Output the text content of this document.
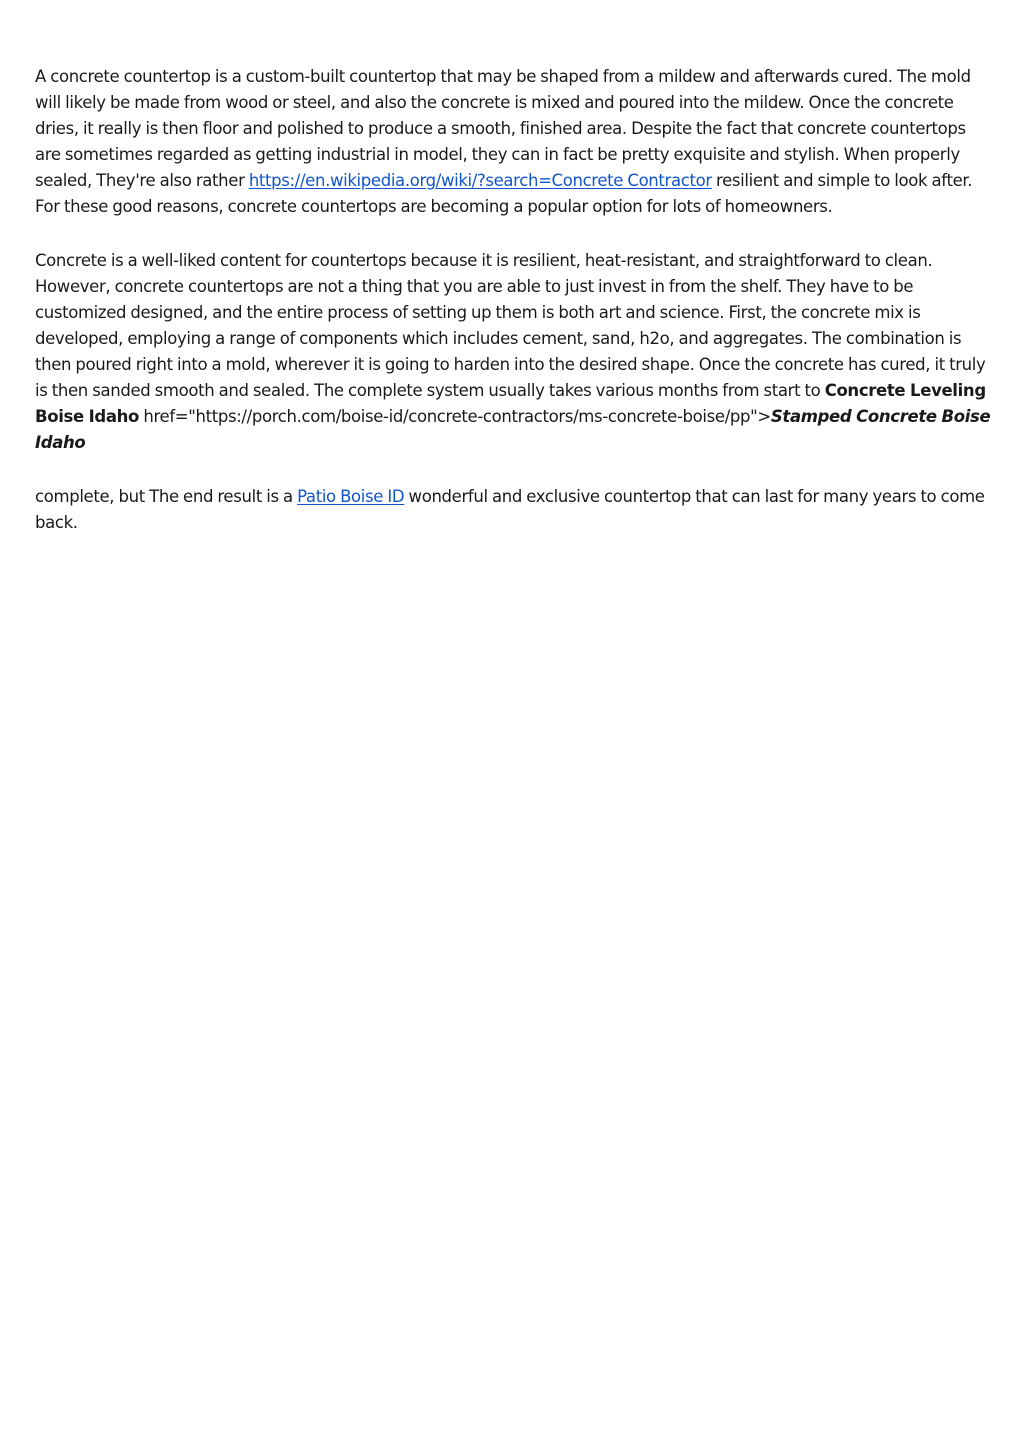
A concrete countertop is a custom-built countertop that may be shaped from a mildew and afterwards cured. The mold will likely be made from wood or steel, and also the concrete is mixed and poured into the mildew. Once the concrete dries, it really is then floor and polished to produce a smooth, finished area. Despite the fact that concrete countertops are sometimes regarded as getting industrial in model, they can in fact be pretty exquisite and stylish. When properly sealed, They're also rather https://en.wikipedia.org/wiki/?search=Concrete Contractor resilient and simple to look after. For these good reasons, concrete countertops are becoming a popular option for lots of homeowners.

Concrete is a well-liked content for countertops because it is resilient, heat-resistant, and straightforward to clean. However, concrete countertops are not a thing that you are able to just invest in from the shelf. They have to be customized designed, and the entire process of setting up them is both art and science. First, the concrete mix is developed, employing a range of components which includes cement, sand, h2o, and aggregates. The combination is then poured right into a mold, wherever it is going to harden into the desired shape. Once the concrete has cured, it truly is then sanded smooth and sealed. The complete system usually takes various months from start to Concrete Leveling Boise Idaho href="https://porch.com/boise-id/concrete-contractors/ms-concrete-boise/pp">Stamped Concrete Boise Idaho

complete, but The end result is a Patio Boise ID wonderful and exclusive countertop that can last for many years to come back.
